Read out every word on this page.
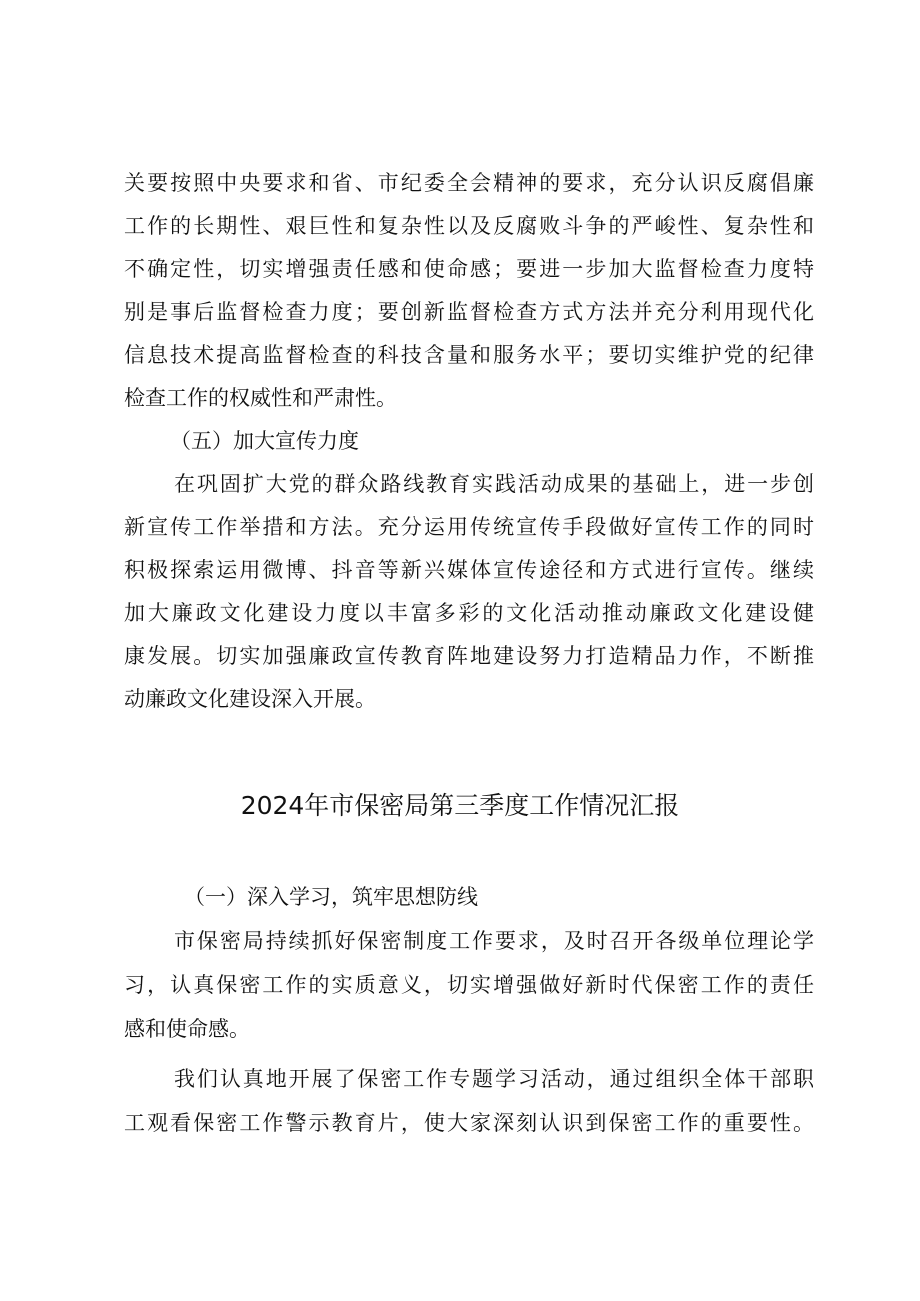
关要按照中央要求和省、市纪委全会精神的要求，充分认识反腐倡廉
工作的长期性、艰巨性和复杂性以及反腐败斗争的严峻性、复杂性和
不确定性，切实增强责任感和使命感；要进一步加大监督检查力度特
别是事后监督检查力度；要创新监督检查方式方法并充分利用现代化
信息技术提高监督检查的科技含量和服务水平；要切实维护党的纪律
检查工作的权威性和严肃性。
（五）加大宣传力度
在巩固扩大党的群众路线教育实践活动成果的基础上，进一步创
新宣传工作举措和方法。充分运用传统宣传手段做好宣传工作的同时
积极探索运用微博、抖音等新兴媒体宣传途径和方式进行宣传。继续
加大廉政文化建设力度以丰富多彩的文化活动推动廉政文化建设健
康发展。切实加强廉政宣传教育阵地建设努力打造精品力作，不断推
动廉政文化建设深入开展。
2024年市保密局第三季度工作情况汇报
（一）深入学习，筑牢思想防线
市保密局持续抓好保密制度工作要求，及时召开各级单位理论学
习，认真保密工作的实质意义，切实增强做好新时代保密工作的责任
感和使命感。
我们认真地开展了保密工作专题学习活动，通过组织全体干部职
工观看保密工作警示教育片，使大家深刻认识到保密工作的重要性。
